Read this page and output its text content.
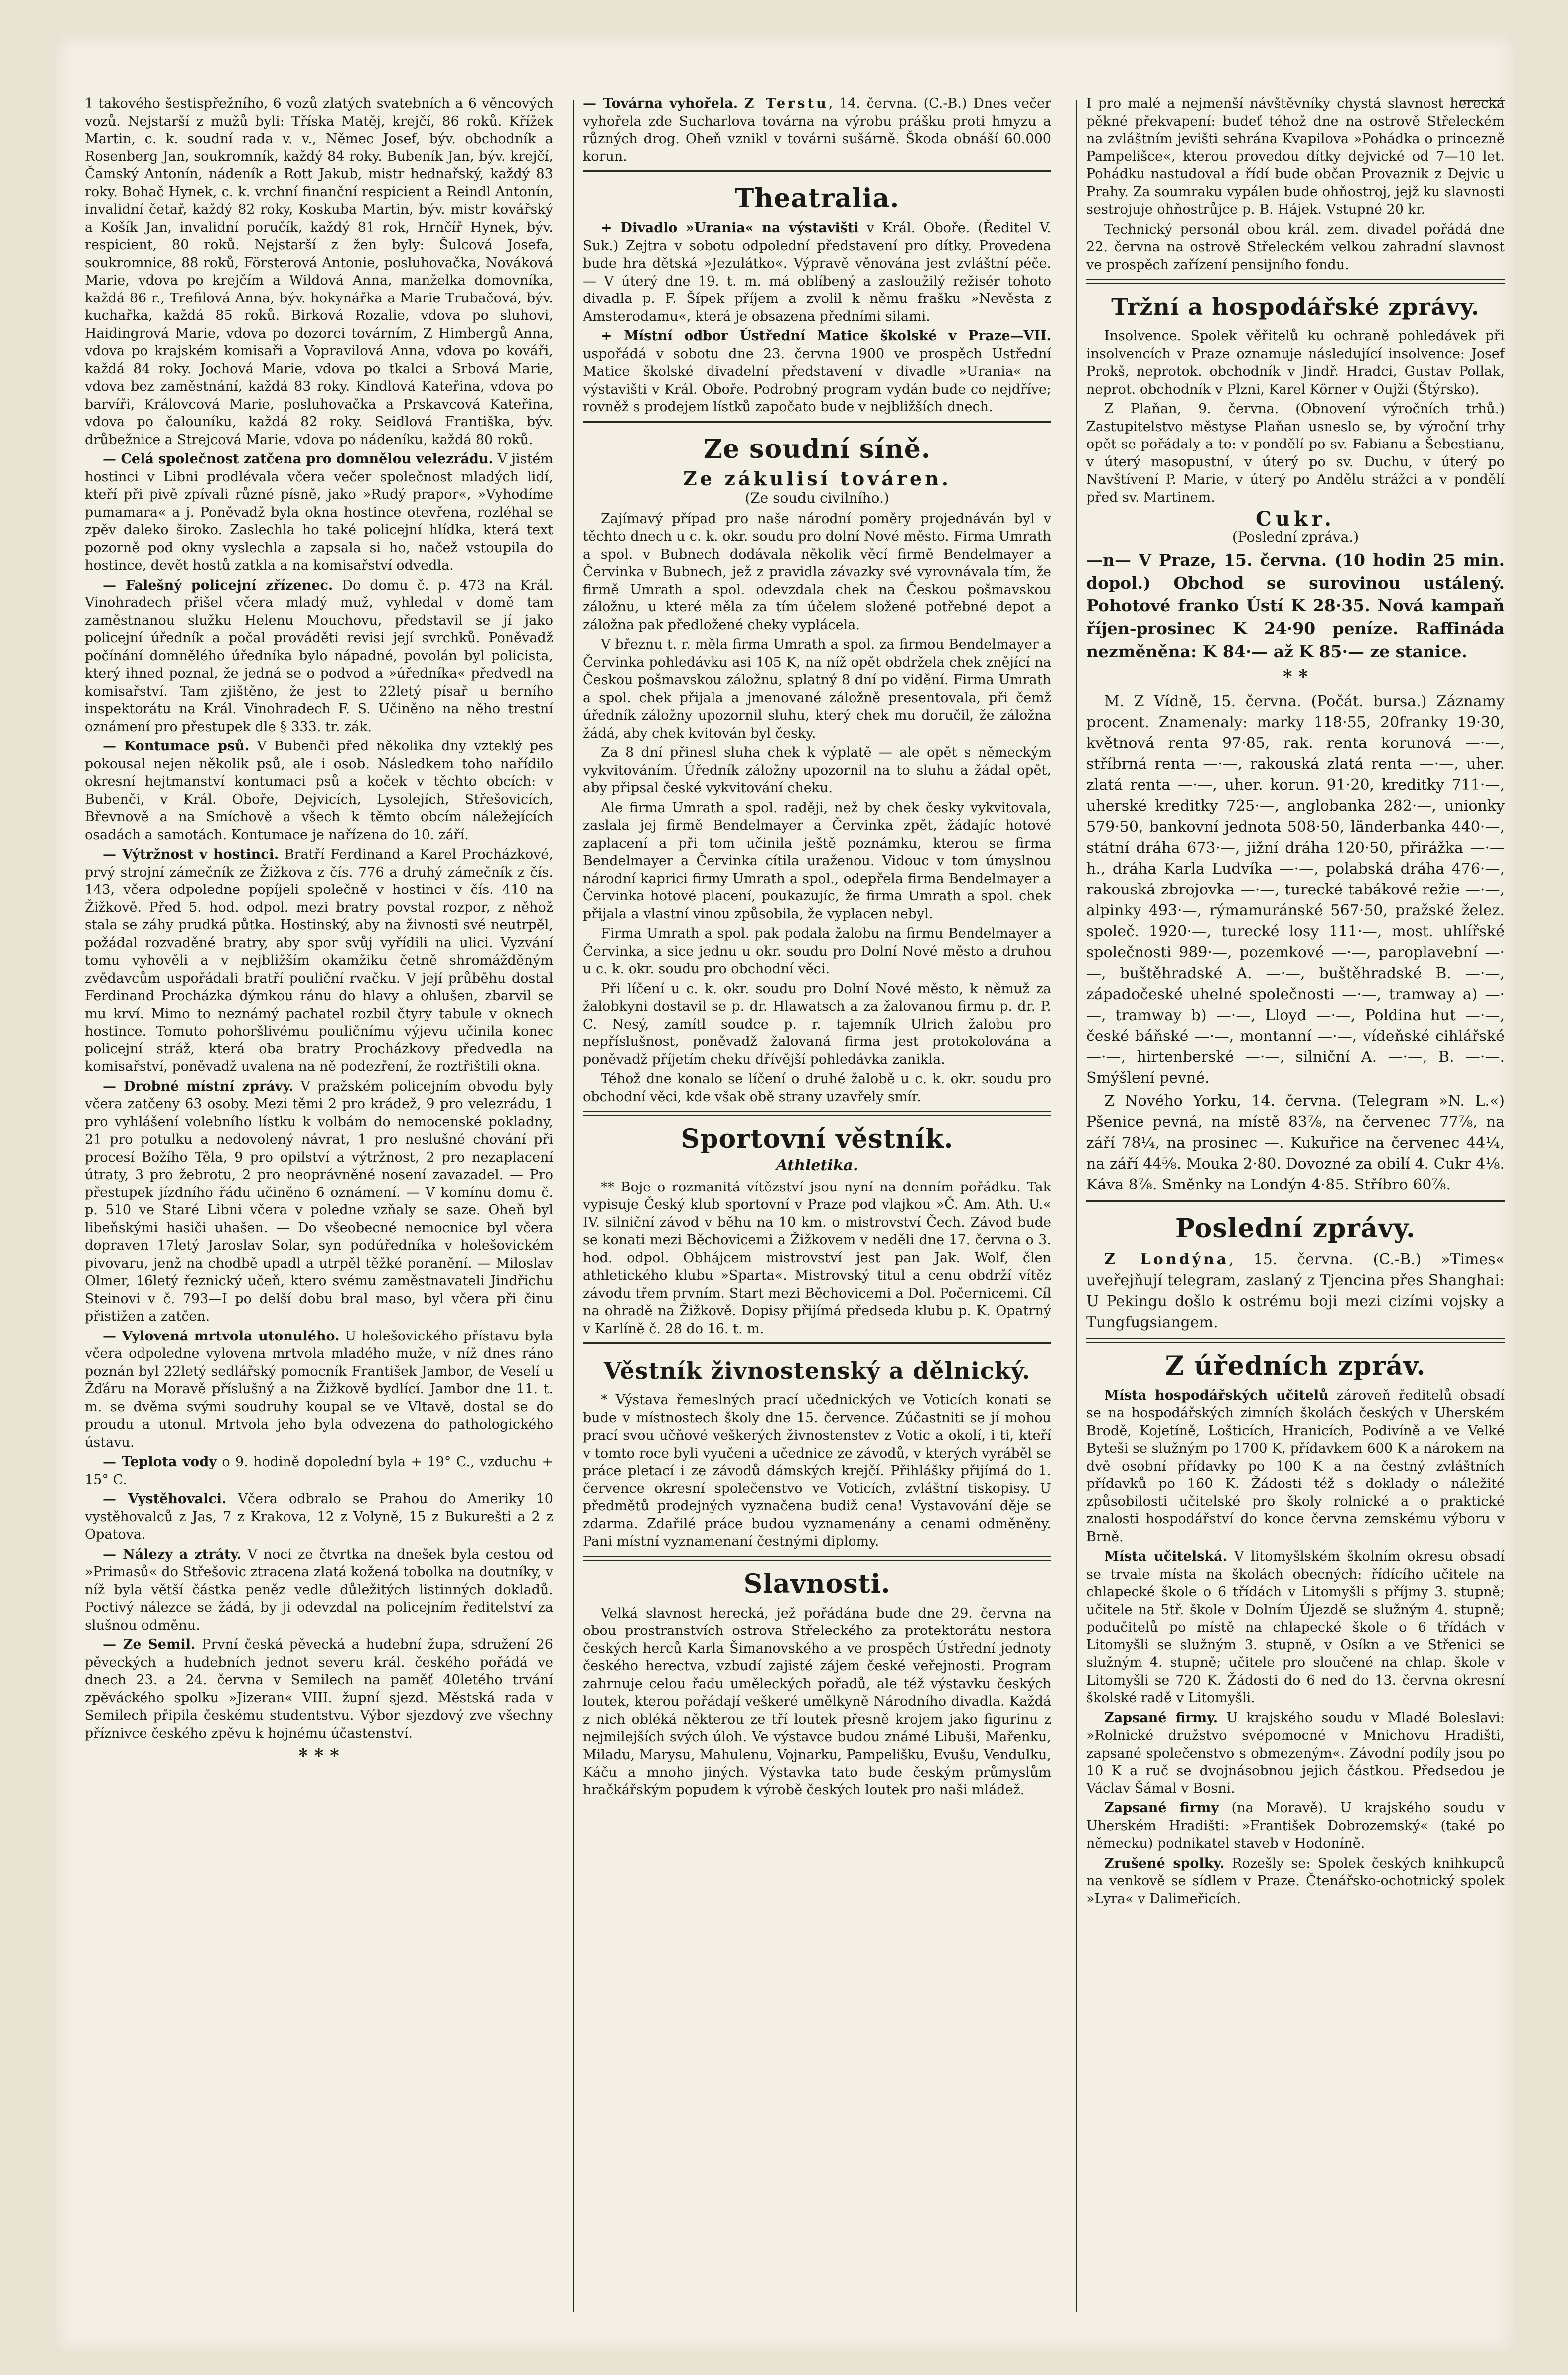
1 takového šestispřežního, 6 vozů zlatých svatebních a 6 věncových vozů. Nejstarší z mužů byli: Tříska Matěj, krejčí, 86 roků. Křížek Martin, c. k. soudní rada v. v., Němec Josef, býv. obchodník a Rosenberg Jan, soukromník, každý 84 roky. Bubeník Jan, býv. krejčí, Čamský Antonín, nádeník a Rott Jakub, mistr hednařský, každý 83 roky. Bohač Hynek, c. k. vrchní finanční respicient a Reindl Antonín, invalidní četař, každý 82 roky, Koskuba Martin, býv. mistr kovářský a Košík Jan, invalidní poručík, každý 81 rok, Hrnčíř Hynek, býv. respicient, 80 roků. Nejstarší z žen byly: Šulcová Josefa, soukromnice, 88 roků, Försterová Antonie, posluhovačka, Nováková Marie, vdova po krejčím a Wildová Anna, manželka domovníka, každá 86 r., Trefilová Anna, býv. hokynářka a Marie Trubačová, býv. kuchařka, každá 85 roků. Birková Rozalie, vdova po sluhovi, Haidingrová Marie, vdova po dozorci továrním, Z Himbergů Anna, vdova po krajském komisaři a Vopravilová Anna, vdova po kováři, každá 84 roky. Jochová Marie, vdova po tkalci a Srbová Marie, vdova bez zaměstnání, každá 83 roky. Kindlová Kateřina, vdova po barvíři, Královcová Marie, posluhovačka a Prskavcová Kateřina, vdova po čalouníku, každá 82 roky. Seidlová Františka, býv. drůbežnice a Strejcová Marie, vdova po nádeníku, každá 80 roků.

— Celá společnost zatčena pro domnělou velezrádu. V jistém hostinci v Libni prodlévala včera večer společnost mladých lidí, kteří při pivě zpívali různé písně, jako »Rudý prapor«, »Vyhodíme pumamara« a j. Poněvadž byla okna hostince otevřena, rozléhal se zpěv daleko široko. Zaslechla ho také policejní hlídka, která text pozorně pod okny vyslechla a zapsala si ho, načež vstoupila do hostince, devět hostů zatkla a na komisařství odvedla.

— Falešný policejní zřízenec. Do domu č. p. 473 na Král. Vinohradech přišel včera mladý muž, vyhledal v domě tam zaměstnanou služku Helenu Mouchovu, představil se jí jako policejní úředník a počal prováděti revisi její svrchků. Poněvadž počínání domnělého úředníka bylo nápadné, povolán byl policista, který ihned poznal, že jedná se o podvod a »úředníka« předvedl na komisařství. Tam zjištěno, že jest to 22letý písař u berního inspektorátu na Král. Vinohradech F. S. Učiněno na něho trestní oznámení pro přestupek dle § 333. tr. zák.

— Kontumace psů. V Bubenči před několika dny vzteklý pes pokousal nejen několik psů, ale i osob. Následkem toho nařídilo okresní hejtmanství kontumaci psů a koček v těchto obcích: v Bubenči, v Král. Oboře, Dejvicích, Lysolejích, Střešovicích, Břevnově a na Smíchově a všech k těmto obcím náležejících osadách a samotách. Kontumace je nařízena do 10. září.

— Výtržnost v hostinci. Bratří Ferdinand a Karel Procházkové, prvý strojní zámečník ze Žižkova z čís. 776 a druhý zámečník z čís. 143, včera odpoledne popíjeli společně v hostinci v čís. 410 na Žižkově. Před 5. hod. odpol. mezi bratry povstal rozpor, z něhož stala se záhy prudká půtka. Hostinský, aby na živnosti své neutrpěl, požádal rozvaděné bratry, aby spor svůj vyřídili na ulici. Vyzvání tomu vyhověli a v nejbližším okamžiku četně shromážděným zvědavcům uspořádali bratří pouliční rvačku. V její průběhu dostal Ferdinand Procházka dýmkou ránu do hlavy a ohlušen, zbarvil se mu krví. Mimo to neznámý pachatel rozbil čtyry tabule v oknech hostince. Tomuto pohoršlivému pouličnímu výjevu učinila konec policejní stráž, která oba bratry Procházkovy předvedla na komisařství, poněvadž uvalena na ně podezření, že roztřištili okna.

— Drobné místní zprávy. V pražském policejním obvodu byly včera zatčeny 63 osoby. Mezi těmi 2 pro krádež, 9 pro velezrádu, 1 pro vyhlášení volebního lístku k volbám do nemocenské pokladny, 21 pro potulku a nedovolený návrat, 1 pro neslušné chování při procesí Božího Těla, 9 pro opilství a výtržnost, 2 pro nezaplacení útraty, 3 pro žebrotu, 2 pro neoprávněné nosení zavazadel. — Pro přestupek jízdního řádu učiněno 6 oznámení. — V komínu domu č. p. 510 ve Staré Libni včera v poledne vzňaly se saze. Oheň byl libeňskými hasiči uhašen. — Do všeobecné nemocnice byl včera dopraven 17letý Jaroslav Solar, syn podúředníka v holešovickém pivovaru, jenž na chodbě upadl a utrpěl těžké poranění. — Miloslav Olmer, 16letý řeznický učeň, ktero svému zaměstnavateli Jindřichu Steinovi v č. 793—I po delší dobu bral maso, byl včera při činu přistižen a zatčen.

— Vylovená mrtvola utonulého. U holešovického přístavu byla včera odpoledne vylovena mrtvola mladého muže, v níž dnes ráno poznán byl 22letý sedlářský pomocník František Jambor, de Veselí u Žďáru na Moravě příslušný a na Žižkově bydlící. Jambor dne 11. t. m. se dvěma svými soudruhy koupal se ve Vltavě, dostal se do proudu a utonul. Mrtvola jeho byla odvezena do pathologického ústavu.

— Teplota vody o 9. hodině dopolední byla + 19° C., vzduchu + 15° C.

— Vystěhovalci. Včera odbralo se Prahou do Ameriky 10 vystěhovalců z Jas, 7 z Krakova, 12 z Volyně, 15 z Bukurešti a 2 z Opatova.

— Nálezy a ztráty. V noci ze čtvrtka na dnešek byla cestou od »Primasů« do Střešovic ztracena zlatá kožená tobolka na doutníky, v níž byla větší částka peněz vedle důležitých listinných dokladů. Poctivý nálezce se žádá, by ji odevzdal na policejním ředitelství za slušnou odměnu.

— Ze Semil. První česká pěvecká a hudební župa, sdružení 26 pěveckých a hudebních jednot severu král. českého pořádá ve dnech 23. a 24. června v Semilech na paměť 40letého trvání zpěváckého spolku »Jizeran« VIII. župní sjezd. Městská rada v Semilech připila českému studentstvu. Výbor sjezdový zve všechny příznivce českého zpěvu k hojnému účastenství.

* * *

— Továrna vyhořela. Z Terstu, 14. června. (C.-B.) Dnes večer vyhořela zde Sucharlova továrna na výrobu prášku proti hmyzu a různých drog. Oheň vznikl v továrni sušárně. Škoda obnáší 60.000 korun.

Theatralia.

+ Divadlo »Urania« na výstavišti v Král. Oboře. (Ředitel V. Suk.) Zejtra v sobotu odpolední představení pro dítky. Provedena bude hra dětská »Jezulátko«. Výpravě věnována jest zvláštní péče. — V úterý dne 19. t. m. má oblíbený a zasloužilý režisér tohoto divadla p. F. Šípek příjem a zvolil k němu frašku »Nevěsta z Amsterodamu«, která je obsazena předními silami.

+ Místní odbor Ústřední Matice školské v Praze—VII. uspořádá v sobotu dne 23. června 1900 ve prospěch Ústřední Matice školské divadelní představení v divadle »Urania« na výstavišti v Král. Oboře. Podrobný program vydán bude co nejdříve; rovněž s prodejem lístků započato bude v nejbližších dnech.

Ze soudní síně.
Ze zákulisí továren.
(Ze soudu civilního.)

Zajímavý případ pro naše národní poměry projednáván byl v těchto dnech u c. k. okr. soudu pro dolní Nové město. Firma Umrath a spol. v Bubnech dodávala několik věcí firmě Bendelmayer a Červinka v Bubnech, jež z pravidla závazky své vyrovnávala tím, že firmě Umrath a spol. odevzdala chek na Českou pošmavskou záložnu, u které měla za tím účelem složené potřebné depot a záložna pak předložené cheky vyplácela.

V březnu t. r. měla firma Umrath a spol. za firmou Bendelmayer a Červinka pohledávku asi 105 K, na níž opět obdržela chek znějící na Českou pošmavskou záložnu, splatný 8 dní po vidění. Firma Umrath a spol. chek přijala a jmenované záložně presentovala, při čemž úředník záložny upozornil sluhu, který chek mu doručil, že záložna žádá, aby chek kvitován byl česky.

Za 8 dní přinesl sluha chek k výplatě — ale opět s německým vykvitováním. Úředník záložny upozornil na to sluhu a žádal opět, aby připsal české vykvitování cheku.

Ale firma Umrath a spol. raději, než by chek česky vykvitovala, zaslala jej firmě Bendelmayer a Červinka zpět, žádajíc hotové zaplacení a při tom učinila ještě poznámku, kterou se firma Bendelmayer a Červinka cítila uraženou. Vidouc v tom úmyslnou národní kaprici firmy Umrath a spol., odepřela firma Bendelmayer a Červinka hotové placení, poukazujíc, že firma Umrath a spol. chek přijala a vlastní vinou způsobila, že vyplacen nebyl.

Firma Umrath a spol. pak podala žalobu na firmu Bendelmayer a Červinka, a sice jednu u okr. soudu pro Dolní Nové město a druhou u c. k. okr. soudu pro obchodní věci.

Při líčení u c. k. okr. soudu pro Dolní Nové město, k němuž za žalobkyni dostavil se p. dr. Hlawatsch a za žalovanou firmu p. dr. P. C. Nesý, zamítl soudce p. r. tajemník Ulrich žalobu pro nepříslušnost, poněvadž žalovaná firma jest protokolována a poněvadž příjetím cheku dřívější pohledávka zanikla.

Téhož dne konalo se líčení o druhé žalobě u c. k. okr. soudu pro obchodní věci, kde však obě strany uzavřely smír.

Sportovní věstník.
Athletika.

** Boje o rozmanitá vítězství jsou nyní na denním pořádku. Tak vypisuje Český klub sportovní v Praze pod vlajkou »Č. Am. Ath. U.« IV. silniční závod v běhu na 10 km. o mistrovství Čech. Závod bude se konati mezi Běchovicemi a Žižkovem v neděli dne 17. června o 3. hod. odpol. Obhájcem mistrovství jest pan Jak. Wolf, člen athletického klubu »Sparta«. Mistrovský titul a cenu obdrží vítěz závodu třem prvním. Start mezi Běchovicemi a Dol. Počernicemi. Cíl na ohradě na Žižkově. Dopisy přijímá předseda klubu p. K. Opatrný v Karlíně č. 28 do 16. t. m.

Věstník živnostenský a dělnický.

* Výstava řemeslných prací učednických ve Voticích konati se bude v místnostech školy dne 15. července. Zúčastniti se jí mohou prací svou učňové veškerých živnostenstev z Votic a okolí, i ti, kteří v tomto roce byli vyučeni a učednice ze závodů, v kterých vyráběl se práce pletací i ze závodů dámských krejčí. Přihlášky přijímá do 1. července okresní společenstvo ve Voticích, zvláštní tiskopisy. U předmětů prodejných vyznačena budiž cena! Vystavování děje se zdarma. Zdařilé práce budou vyznamenány a cenami odměněny. Pani místní vyznamenaní čestnými diplomy.

Slavnosti.

Velká slavnost herecká, jež pořádána bude dne 29. června na obou prostranstvích ostrova Střeleckého za protektorátu nestora českých herců Karla Šimanovského a ve prospěch Ústřední jednoty českého herectva, vzbudí zajisté zájem české veřejnosti. Program zahrnuje celou řadu uměleckých pořadů, ale též výstavku českých loutek, kterou pořádají veškeré umělkyně Národního divadla. Každá z nich obléká některou ze tří loutek přesně krojem jako figurinu z nejmilejších svých úloh. Ve výstavce budou známé Libuši, Mařenku, Miladu, Marysu, Mahulenu, Vojnarku, Pampelišku, Evušu, Vendulku, Káču a mnoho jiných. Výstavka tato bude českým průmyslům hračkářským popudem k výrobě českých loutek pro naši mládež.

I pro malé a nejmenší návštěvníky chystá slavnost herecká pěkné překvapení: budeť téhož dne na ostrově Střeleckém na zvláštním jevišti sehrána Kvapilova »Pohádka o princezně Pampelišce«, kterou provedou dítky dejvické od 7—10 let. Pohádku nastudoval a řídí bude občan Provaznik z Dejvic u Prahy. Za soumraku vypálen bude ohňostroj, jejž ku slavnosti sestrojuje ohňostrůjce p. B. Hájek. Vstupné 20 kr.

Technický personál obou král. zem. divadel pořádá dne 22. června na ostrově Střeleckém velkou zahradní slavnost ve prospěch zařízení pensijního fondu.

Tržní a hospodářské zprávy.

Insolvence. Spolek věřitelů ku ochraně pohledávek při insolvencích v Praze oznamuje následující insolvence: Josef Prokš, neprotok. obchodník v Jindř. Hradci, Gustav Pollak, neprot. obchodník v Plzni, Karel Körner v Oujži (Štýrsko).

Z Plaňan, 9. června. (Obnovení výročních trhů.) Zastupitelstvo městyse Plaňan usneslo se, by výroční trhy opět se pořádaly a to: v pondělí po sv. Fabianu a Šebestianu, v úterý masopustní, v úterý po sv. Duchu, v úterý po Navštívení P. Marie, v úterý po Andělu strážci a v pondělí před sv. Martinem.

Cukr.
(Poslední zpráva.)

—n— V Praze, 15. června. (10 hodin 25 min. dopol.) Obchod se surovinou ustálený. Pohotové franko Ústí K 28·35. Nová kampaň říjen-prosinec K 24·90 peníze. Raffináda nezměněna: K 84·— až K 85·— ze stanice.

* *

M. Z Vídně, 15. června. (Počát. bursa.) Záznamy procent. Znamenaly: marky 118·55, 20franky 19·30, květnová renta 97·85, rak. renta korunová —·—, stříbrná renta —·—, rakouská zlatá renta —·—, uher. zlatá renta —·—, uher. korun. 91·20, kreditky 711·—, uherské kreditky 725·—, anglobanka 282·—, unionky 579·50, bankovní jednota 508·50, länderbanka 440·—, státní dráha 673·—, jižní dráha 120·50, přirážka —·— h., dráha Karla Ludvíka —·—, polabská dráha 476·—, rakouská zbrojovka —·—, turecké tabákové režie —·—, alpinky 493·—, rýmamuránské 567·50, pražské želez. společ. 1920·—, turecké losy 111·—, most. uhlířské společnosti 989·—, pozemkové —·—, paroplavební —·—, buštěhradské A. —·—, buštěhradské B. —·—, západočeské uhelné společnosti —·—, tramway a) —·—, tramway b) —·—, Lloyd —·—, Poldina hut —·—, české báňské —·—, montanní —·—, vídeňské cihlářské —·—, hirtenberské —·—, silniční A. —·—, B. —·—. Smýšlení pevné.

Z Nového Yorku, 14. června. (Telegram »N. L.«) Pšenice pevná, na místě 83⅞, na červenec 77⅞, na září 78¼, na prosinec —. Kukuřice na červenec 44¼, na září 44⅝. Mouka 2·80. Dovozné za obilí 4. Cukr 4⅛. Káva 8⅞. Směnky na Londýn 4·85. Stříbro 60⅞.

Poslední zprávy.

Z Londýna, 15. června. (C.-B.) »Times« uveřejňují telegram, zaslaný z Tjencina přes Shanghai: U Pekingu došlo k ostrému boji mezi cizími vojsky a Tungfugsiangem.

Z úředních zpráv.

Místa hospodářských učitelů zároveň ředitelů obsadí se na hospodářských zimních školách českých v Uherském Brodě, Kojetíně, Lošticích, Hranicích, Podivíně a ve Velké Byteši se služným po 1700 K, přídavkem 600 K a nárokem na dvě osobní přídavky po 100 K a na čestný zvláštních přídavků po 160 K. Žádosti též s doklady o náležité způsobilosti učitelské pro školy rolnické a o praktické znalosti hospodářství do konce června zemskému výboru v Brně.

Místa učitelská. V litomyšlském školním okresu obsadí se trvale místa na školách obecných: řídícího učitele na chlapecké škole o 6 třídách v Litomyšli s příjmy 3. stupně; učitele na 5tř. škole v Dolním Újezdě se služným 4. stupně; podučitelů po místě na chlapecké škole o 6 třídách v Litomyšli se služným 3. stupně, v Osíkn a ve Střenici se služným 4. stupně; učitele pro sloučené na chlap. škole v Litomyšli se 720 K. Žádosti do 6 ned do 13. června okresní školské radě v Litomyšli.

Zapsané firmy. U krajského soudu v Mladé Boleslavi: »Rolnické družstvo svépomocné v Mnichovu Hradišti, zapsané společenstvo s obmezeným«. Závodní podíly jsou po 10 K a ruč se dvojnásobnou jejich částkou. Předsedou je Václav Šámal v Bosni.

Zapsané firmy (na Moravě). U krajského soudu v Uherském Hradišti: »František Dobrozemský« (také po německu) podnikatel staveb v Hodoníně.

Zrušené spolky. Rozešly se: Spolek českých knihkupců na venkově se sídlem v Praze. Čtenářsko-ochotnický spolek »Lyra« v Dalimeřicích.
